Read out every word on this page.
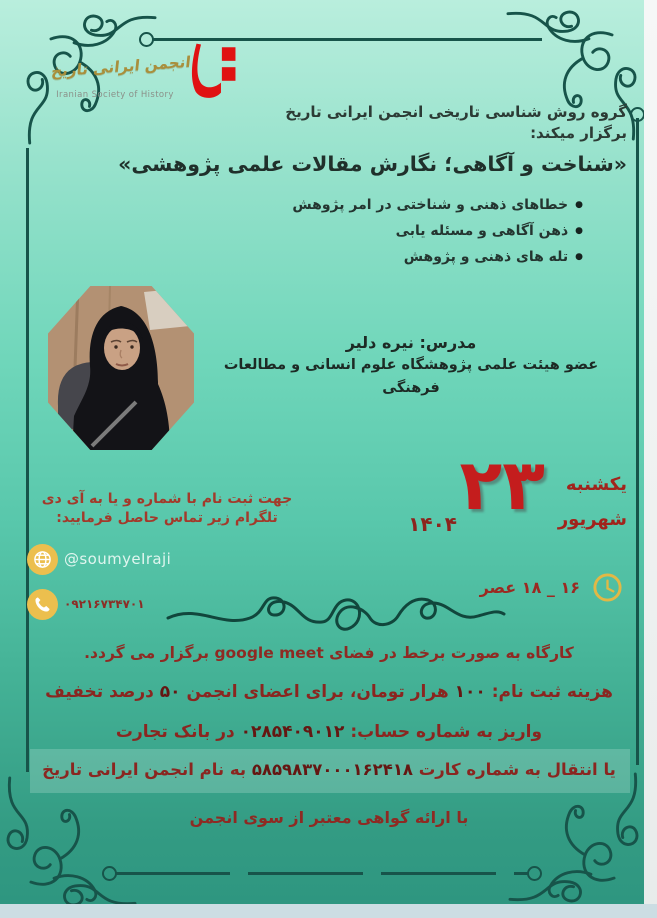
انجمن ایرانی تاریخ
Iranian Society of History
گروه روش شناسی تاریخی انجمن ایرانی تاریخ
برگزار میکند:
«شناخت و آگاهی؛ نگارش مقالات علمی پژوهشی»
●خطاهای ذهنی و شناختی در امر پژوهش
●ذهن آگاهی و مسئله یابی
●تله های ذهنی و پژوهش
مدرس: نیره دلیر
عضو هیئت علمی پژوهشگاه علوم انسانی و مطالعات فرهنگی
یکشنبه
۲۳ شهریور
۱۴۰۴
۱۶ _ ۱۸ عصر
جهت ثبت نام با شماره و یا به آی دی
تلگرام زیر تماس حاصل فرمایید:
@soumyeIraji
۰۹۲۱۶۷۳۴۷۰۱
کارگاه به صورت برخط در فضای google meet برگزار می گردد.
هزینه ثبت نام: ۱۰۰ هرار تومان، برای اعضای انجمن ۵۰ درصد تخفیف
واریز به شماره حساب: ۰۲۸۵۴۰۹۰۱۲ در بانک تجارت
یا انتقال به شماره کارت ۵۸۵۹۸۳۷۰۰۰۱۶۲۴۱۸ به نام انجمن ایرانی تاریخ
با ارائه گواهی معتبر از سوی انجمن
